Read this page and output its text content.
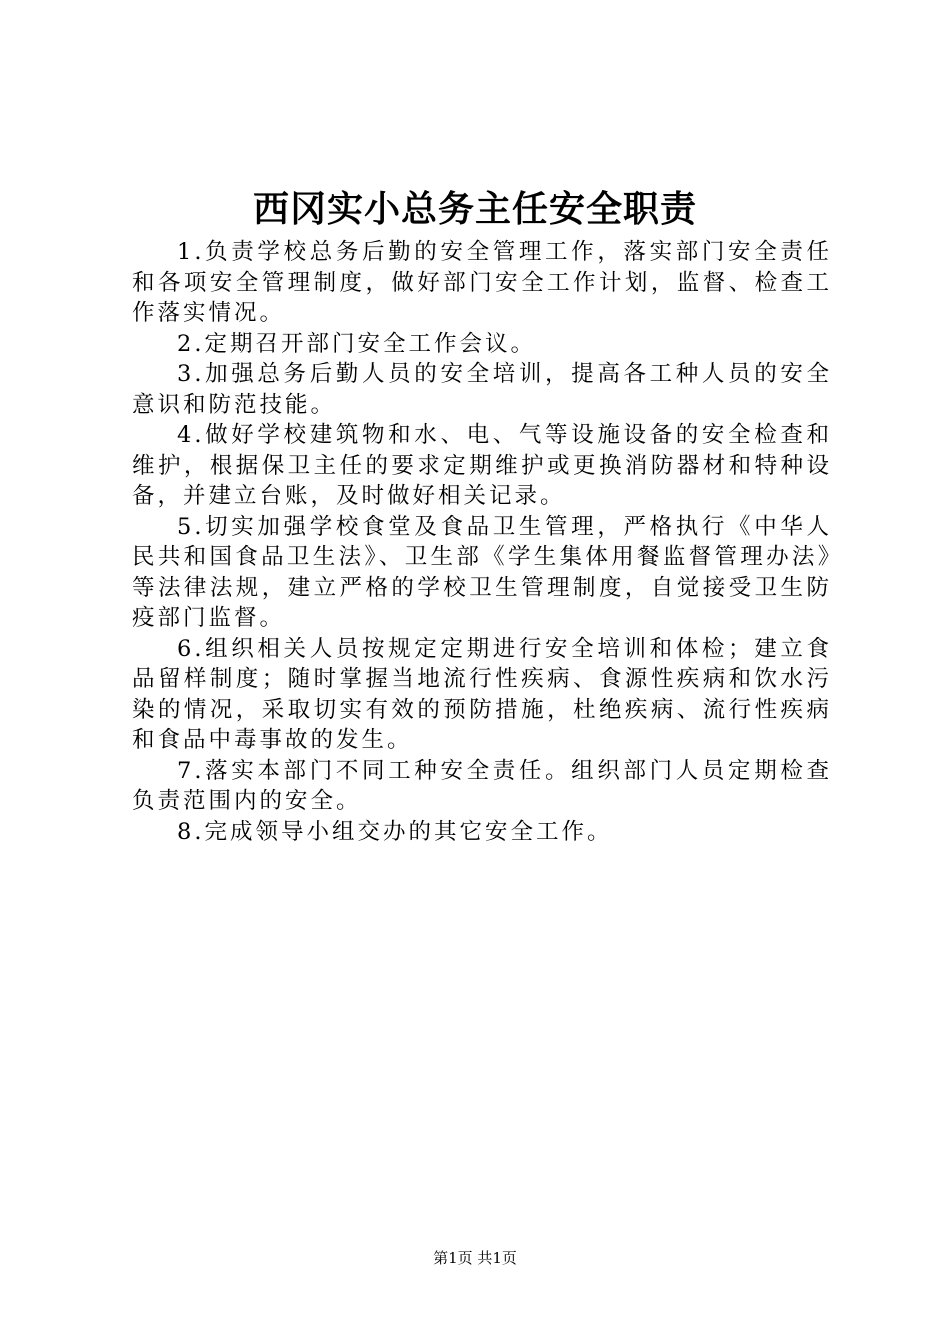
西冈实小总务主任安全职责

1.负责学校总务后勤的安全管理工作，落实部门安全责任和各项安全管理制度，做好部门安全工作计划，监督、检查工作落实情况。

2.定期召开部门安全工作会议。

3.加强总务后勤人员的安全培训，提高各工种人员的安全意识和防范技能。

4.做好学校建筑物和水、电、气等设施设备的安全检查和维护，根据保卫主任的要求定期维护或更换消防器材和特种设备，并建立台账，及时做好相关记录。

5.切实加强学校食堂及食品卫生管理，严格执行《中华人民共和国食品卫生法》、卫生部《学生集体用餐监督管理办法》等法律法规，建立严格的学校卫生管理制度，自觉接受卫生防疫部门监督。

6.组织相关人员按规定定期进行安全培训和体检；建立食品留样制度；随时掌握当地流行性疾病、食源性疾病和饮水污染的情况，采取切实有效的预防措施，杜绝疾病、流行性疾病和食品中毒事故的发生。

7.落实本部门不同工种安全责任。组织部门人员定期检查负责范围内的安全。

8.完成领导小组交办的其它安全工作。

第1页 共1页
